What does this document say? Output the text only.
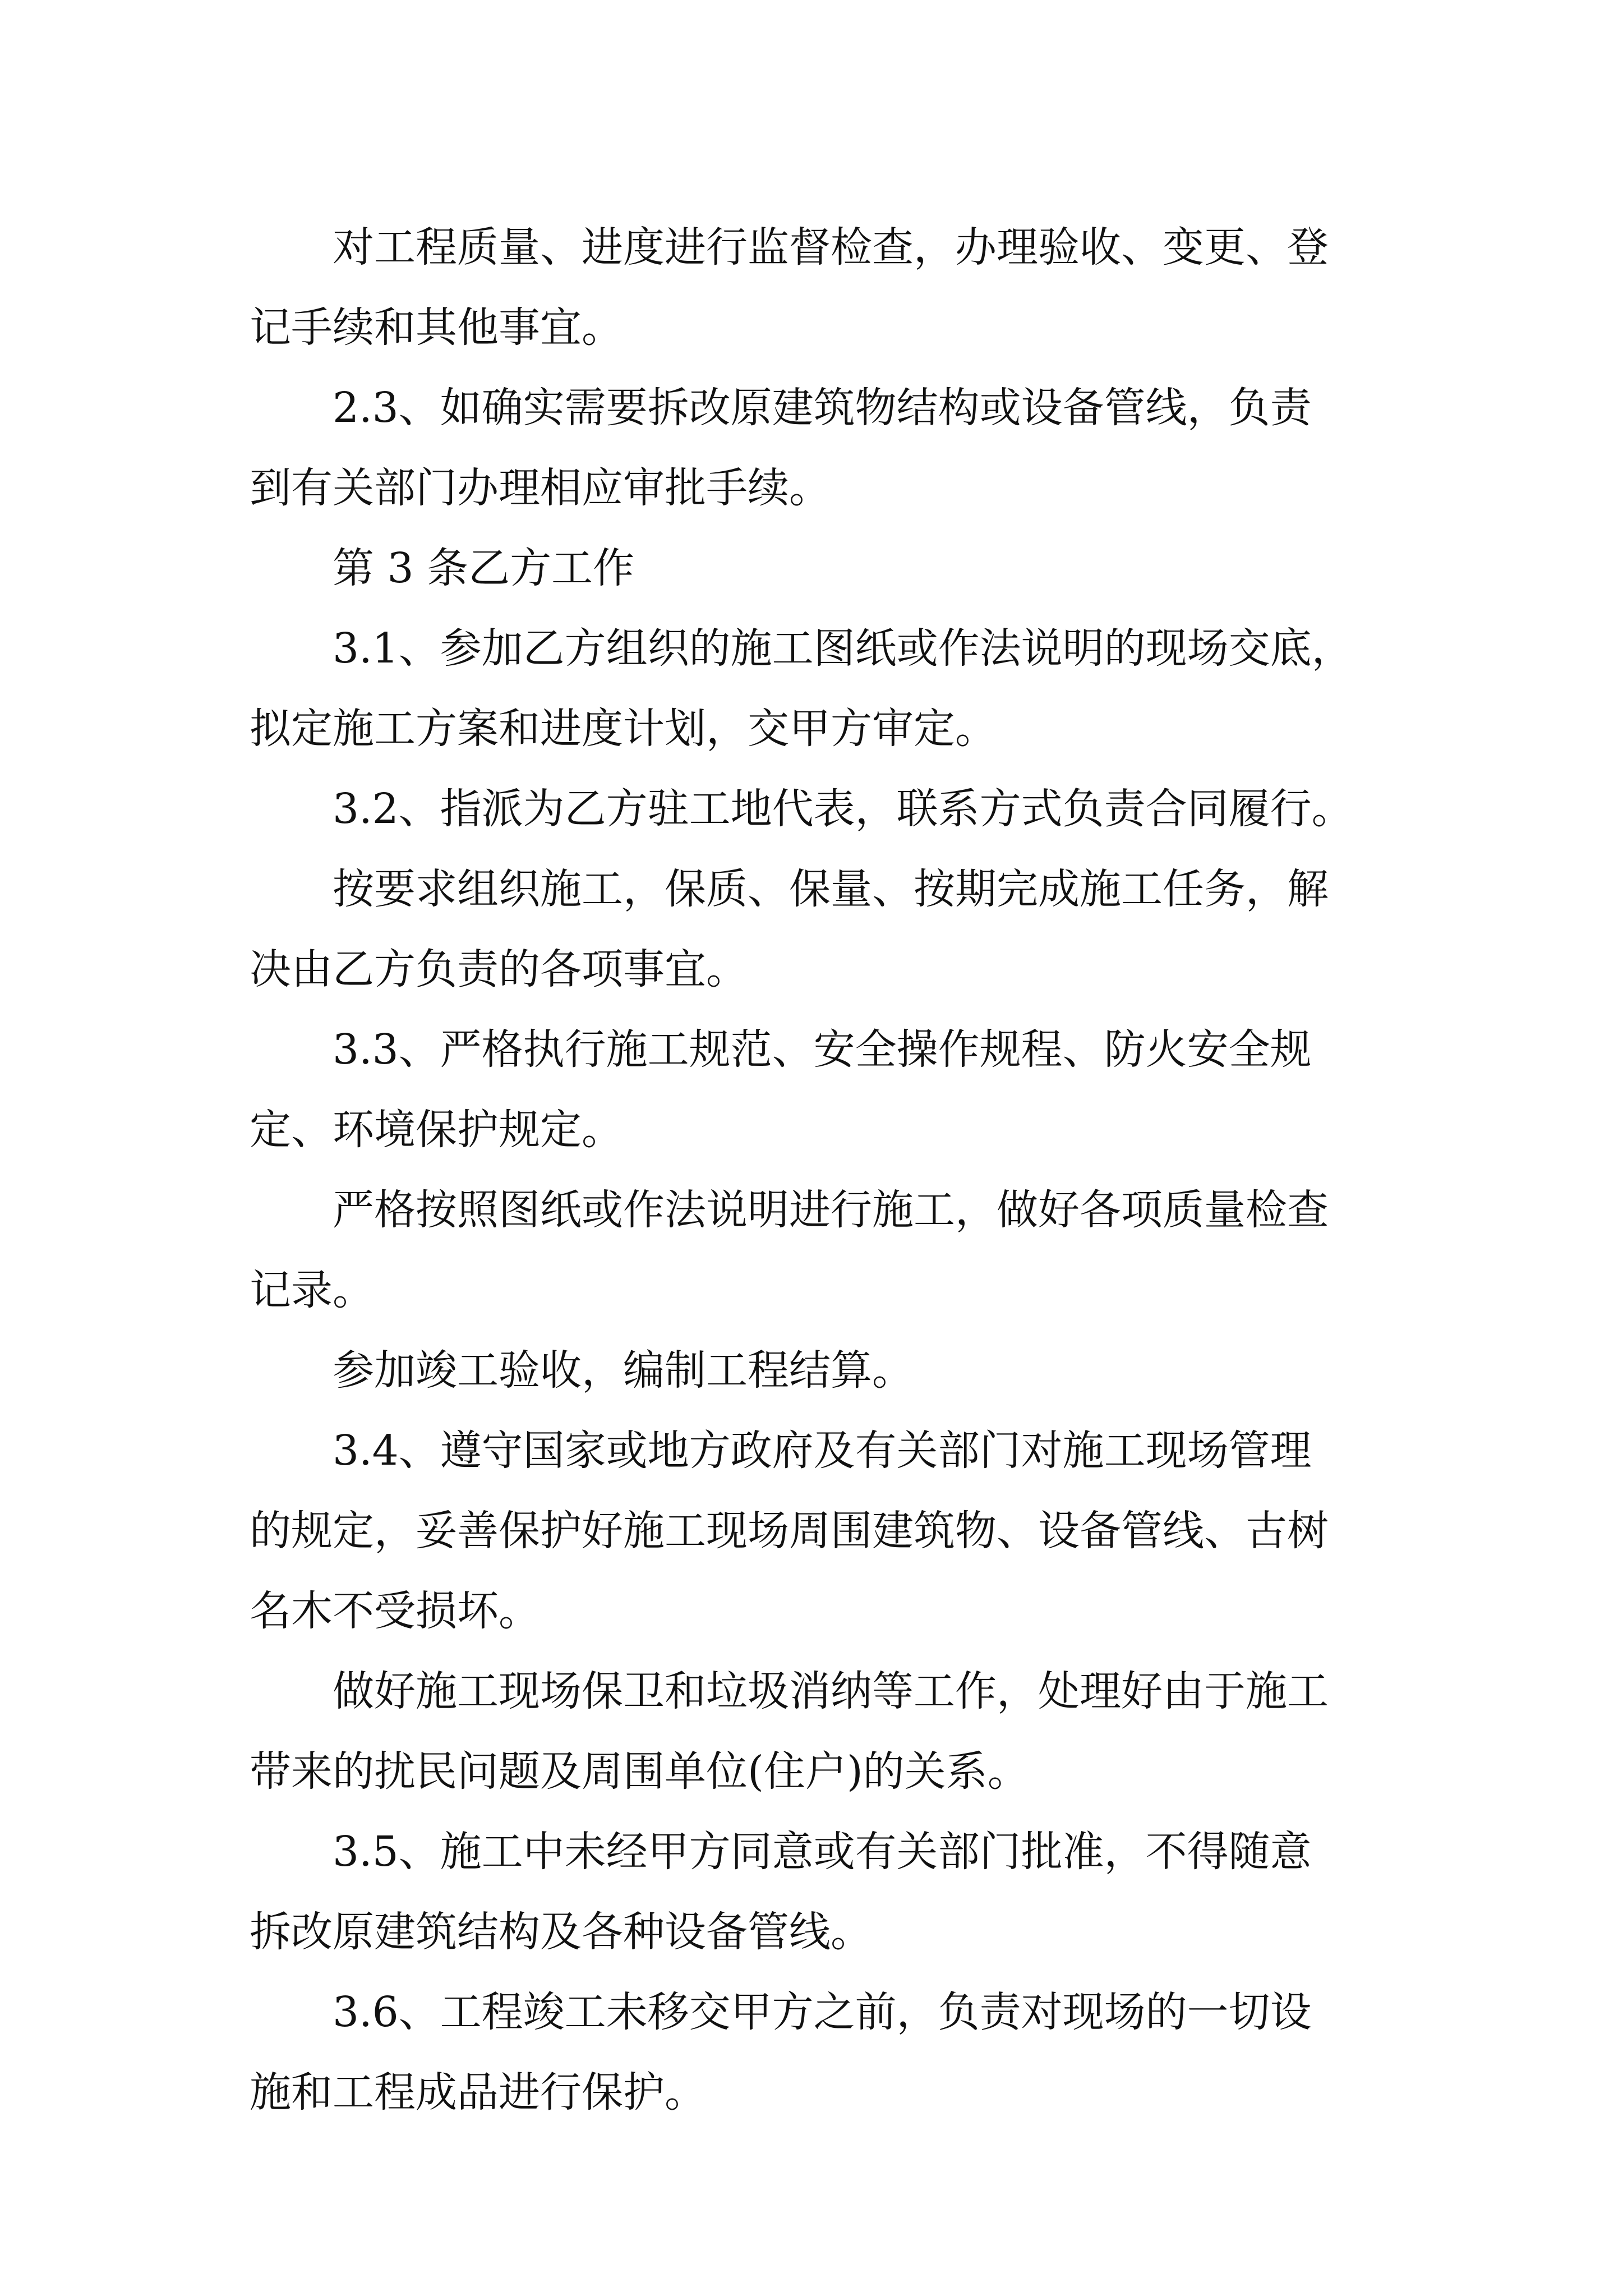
对工程质量、进度进行监督检查，办理验收、变更、登
记手续和其他事宜。
2.3、如确实需要拆改原建筑物结构或设备管线，负责
到有关部门办理相应审批手续。
第 3 条乙方工作
3.1、参加乙方组织的施工图纸或作法说明的现场交底，
拟定施工方案和进度计划，交甲方审定。
3.2、指派为乙方驻工地代表，联系方式负责合同履行。
按要求组织施工，保质、保量、按期完成施工任务，解
决由乙方负责的各项事宜。
3.3、严格执行施工规范、安全操作规程、防火安全规
定、环境保护规定。
严格按照图纸或作法说明进行施工，做好各项质量检查
记录。
参加竣工验收，编制工程结算。
3.4、遵守国家或地方政府及有关部门对施工现场管理
的规定，妥善保护好施工现场周围建筑物、设备管线、古树
名木不受损坏。
做好施工现场保卫和垃圾消纳等工作，处理好由于施工
带来的扰民问题及周围单位(住户)的关系。
3.5、施工中未经甲方同意或有关部门批准，不得随意
拆改原建筑结构及各种设备管线。
3.6、工程竣工未移交甲方之前，负责对现场的一切设
施和工程成品进行保护。
